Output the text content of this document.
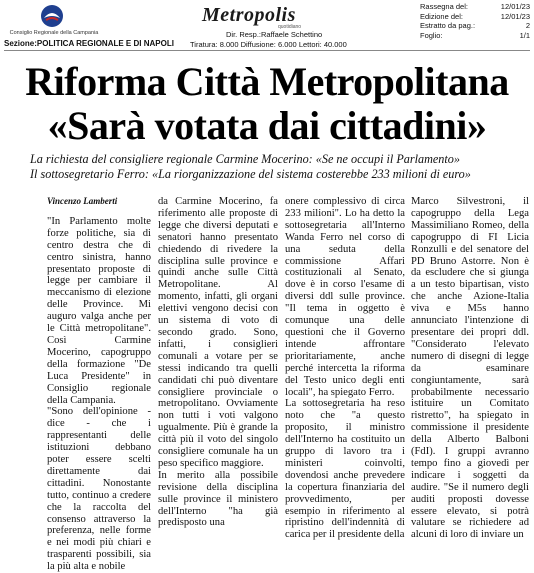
Consiglio Regionale della Campania
Sezione:POLITICA REGIONALE E DI NAPOLI
Metropolis
quotidiano
Dir. Resp.:Raffaele Schettino
Tiratura: 8.000 Diffusione: 6.000 Lettori: 40.000
Rassegna del:	12/01/23
Edizione del:	12/01/23
Estratto da pag.:	2
Foglio:	1/1
Riforma Città Metropolitana
«Sarà votata dai cittadini»
La richiesta del consigliere regionale Carmine Mocerino: «Se ne occupi il Parlamento»
Il sottosegretario Ferro: «La riorganizzazione del sistema costerebbe 233 milioni di euro»

Vincenzo Lamberti

"In Parlamento molte forze politiche, sia di centro destra che di centro sinistra, hanno presentato proposte di legge per cambiare il meccanismo di elezione delle Province. Mi auguro valga anche per le Città metropolitane". Così Carmine Mocerino, capogruppo della formazione "De Luca Presidente" in Consiglio regionale della Campania.
"Sono dell'opinione - dice - che i rappresentanti delle istituzioni debbano poter essere scelti direttamente dai cittadini. Nonostante tutto, continuo a credere che la raccolta del consenso attraverso la preferenza, nelle forme e nei modi più chiari e trasparenti possibili, sia la più alta e nobile

da Carmine Mocerino, fa riferimento alle proposte di legge che diversi deputati e senatori hanno presentato chiedendo di rivedere la disciplina sulle province e quindi anche sulle Città Metropolitane. Al momento, infatti, gli organi elettivi vengono decisi con un sistema di voto di secondo grado. Sono, infatti, i consiglieri comunali a votare per se stessi indicando tra quelli candidati chi può diventare consigliere provinciale o metropolitano. Ovviamente non tutti i voti valgono ugualmente. Più è grande la città più il voto del singolo consigliere comunale ha un peso specifico maggiore.
In merito alla possibile revisione della disciplina sulle province il ministero dell'Interno "ha già predisposto una

onere complessivo di circa 233 milioni". Lo ha detto la sottosegretaria all'Interno Wanda Ferro nel corso di una seduta della commissione Affari costituzionali al Senato, dove è in corso l'esame di diversi ddl sulle province. "Il tema in oggetto è comunque una delle questioni che il Governo intende affrontare prioritariamente, anche perché intercetta la riforma del Testo unico degli enti locali", ha spiegato Ferro.
La sottosegretaria ha reso noto che "a questo proposito, il ministro dell'Interno ha costituito un gruppo di lavoro tra i ministeri coinvolti, dovendosi anche prevedere la copertura finanziaria del provvedimento, per esempio in riferimento al ripristino dell'indennità di carica per il presidente della

Marco Silvestroni, il capogruppo della Lega Massimiliano Romeo, della capogruppo di FI Licia Ronzulli e del senatore del PD Bruno Astorre. Non è da escludere che si giunga a un testo bipartisan, visto che anche Azione-Italia viva e M5s hanno annunciato l'intenzione di presentare dei propri ddl. "Considerato l'elevato numero di disegni di legge da esaminare congiuntamente, sarà probabilmente necessario istituire un Comitato ristretto", ha spiegato in commissione il presidente della Alberto Balboni (FdI). I gruppi avranno tempo fino a giovedì per indicare i soggetti da audire. "Se il numero degli auditi proposti dovesse essere elevato, si potrà valutare se richiedere ad alcuni di loro di inviare un
